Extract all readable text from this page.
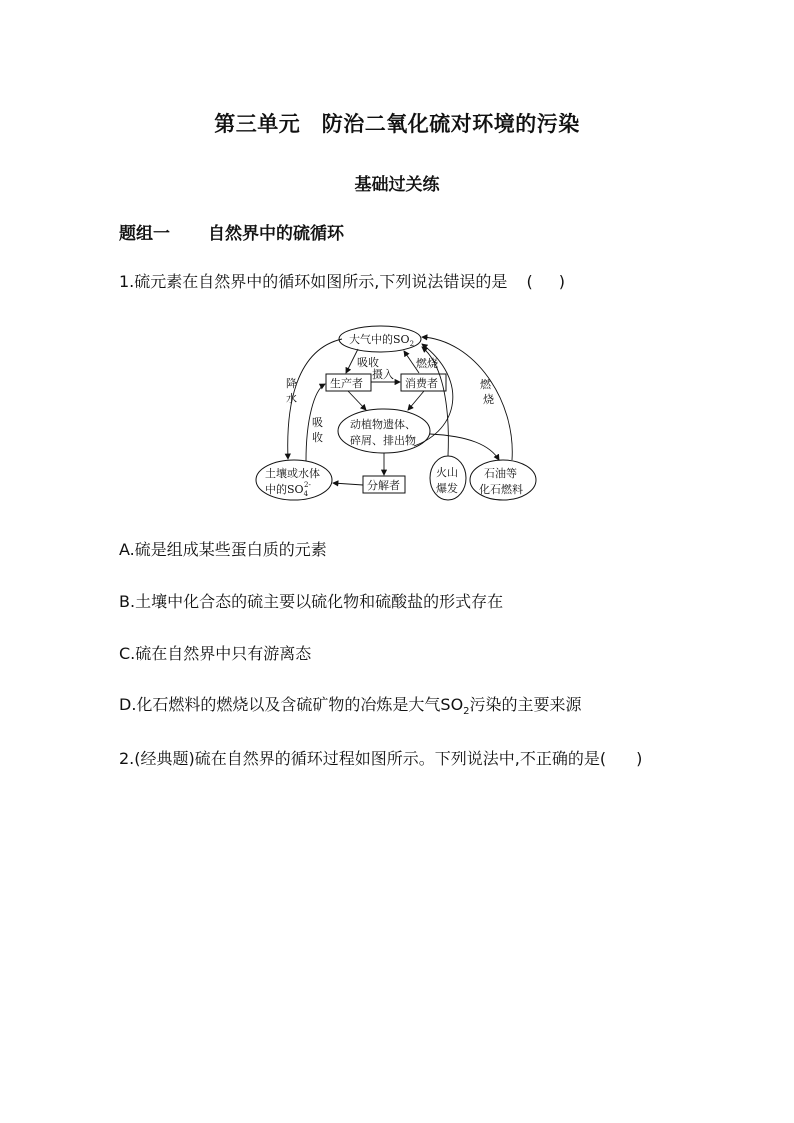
第三单元　防治二氧化硫对环境的污染
基础过关练
题组一 自然界中的硫循环
1.硫元素在自然界中的循环如图所示,下列说法错误的是 ( )
大气中的$SO_2$
生产者	消费者
动植物遗体、
碎屑、排出物
土壤或水体
中的$SO_42-$	分解者
火山
爆发
石油等
化石燃料
吸收
摄入
燃烧
降
水
吸
收
燃
烧
A.硫是组成某些蛋白质的元素
B.土壤中化合态的硫主要以硫化物和硫酸盐的形式存在
C.硫在自然界中只有游离态
D.化石燃料的燃烧以及含硫矿物的冶炼是大气$SO_2$污染的主要来源
2.(经典题)硫在自然界的循环过程如图所示。下列说法中,不正确的是( )
